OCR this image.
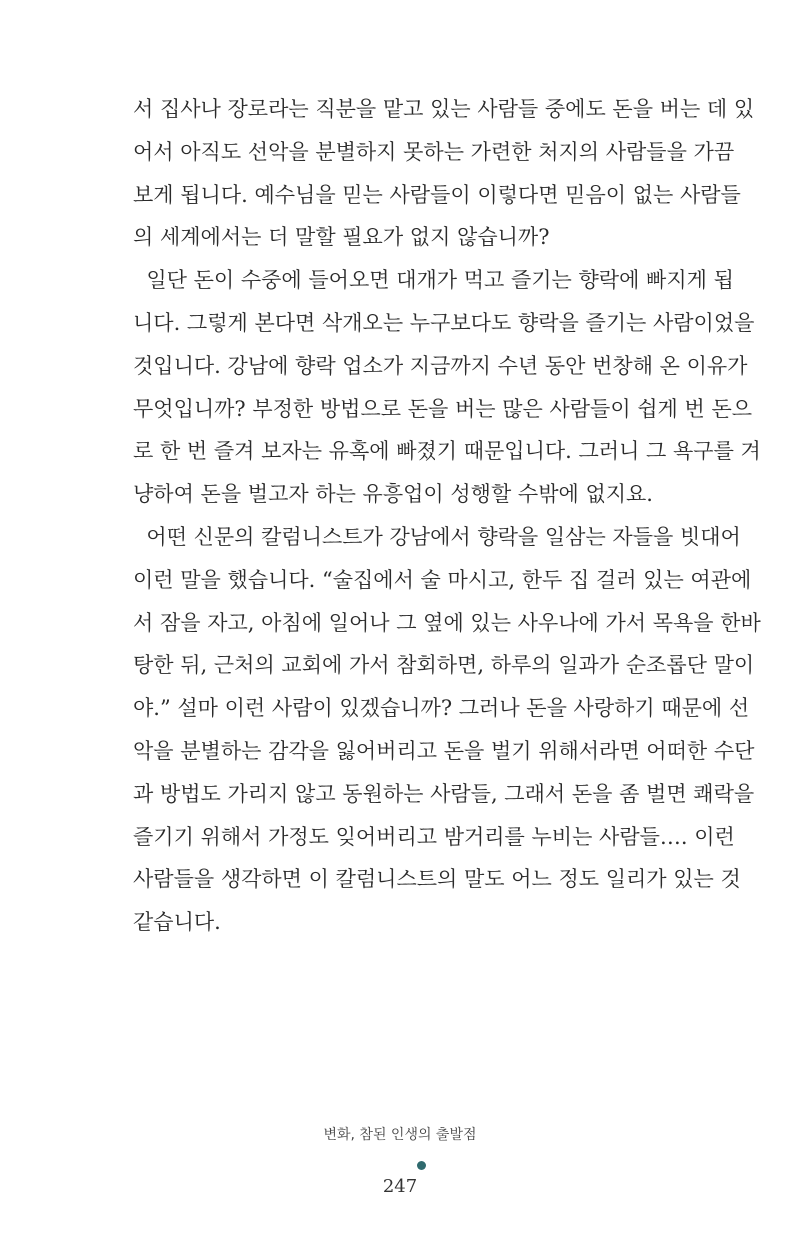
서 집사나 장로라는 직분을 맡고 있는 사람들 중에도 돈을 버는 데 있
어서 아직도 선악을 분별하지 못하는 가련한 처지의 사람들을 가끔
보게 됩니다. 예수님을 믿는 사람들이 이렇다면 믿음이 없는 사람들
의 세계에서는 더 말할 필요가 없지 않습니까?
일단 돈이 수중에 들어오면 대개가 먹고 즐기는 향락에 빠지게 됩
니다. 그렇게 본다면 삭개오는 누구보다도 향락을 즐기는 사람이었을
것입니다. 강남에 향락 업소가 지금까지 수년 동안 번창해 온 이유가
무엇입니까? 부정한 방법으로 돈을 버는 많은 사람들이 쉽게 번 돈으
로 한 번 즐겨 보자는 유혹에 빠졌기 때문입니다. 그러니 그 욕구를 겨
냥하여 돈을 벌고자 하는 유흥업이 성행할 수밖에 없지요.
어떤 신문의 칼럼니스트가 강남에서 향락을 일삼는 자들을 빗대어
이런 말을 했습니다. “술집에서 술 마시고, 한두 집 걸러 있는 여관에
서 잠을 자고, 아침에 일어나 그 옆에 있는 사우나에 가서 목욕을 한바
탕한 뒤, 근처의 교회에 가서 참회하면, 하루의 일과가 순조롭단 말이
야.” 설마 이런 사람이 있겠습니까? 그러나 돈을 사랑하기 때문에 선
악을 분별하는 감각을 잃어버리고 돈을 벌기 위해서라면 어떠한 수단
과 방법도 가리지 않고 동원하는 사람들, 그래서 돈을 좀 벌면 쾌락을
즐기기 위해서 가정도 잊어버리고 밤거리를 누비는 사람들…. 이런
사람들을 생각하면 이 칼럼니스트의 말도 어느 정도 일리가 있는 것
같습니다.
변화, 참된 인생의 출발점
247
